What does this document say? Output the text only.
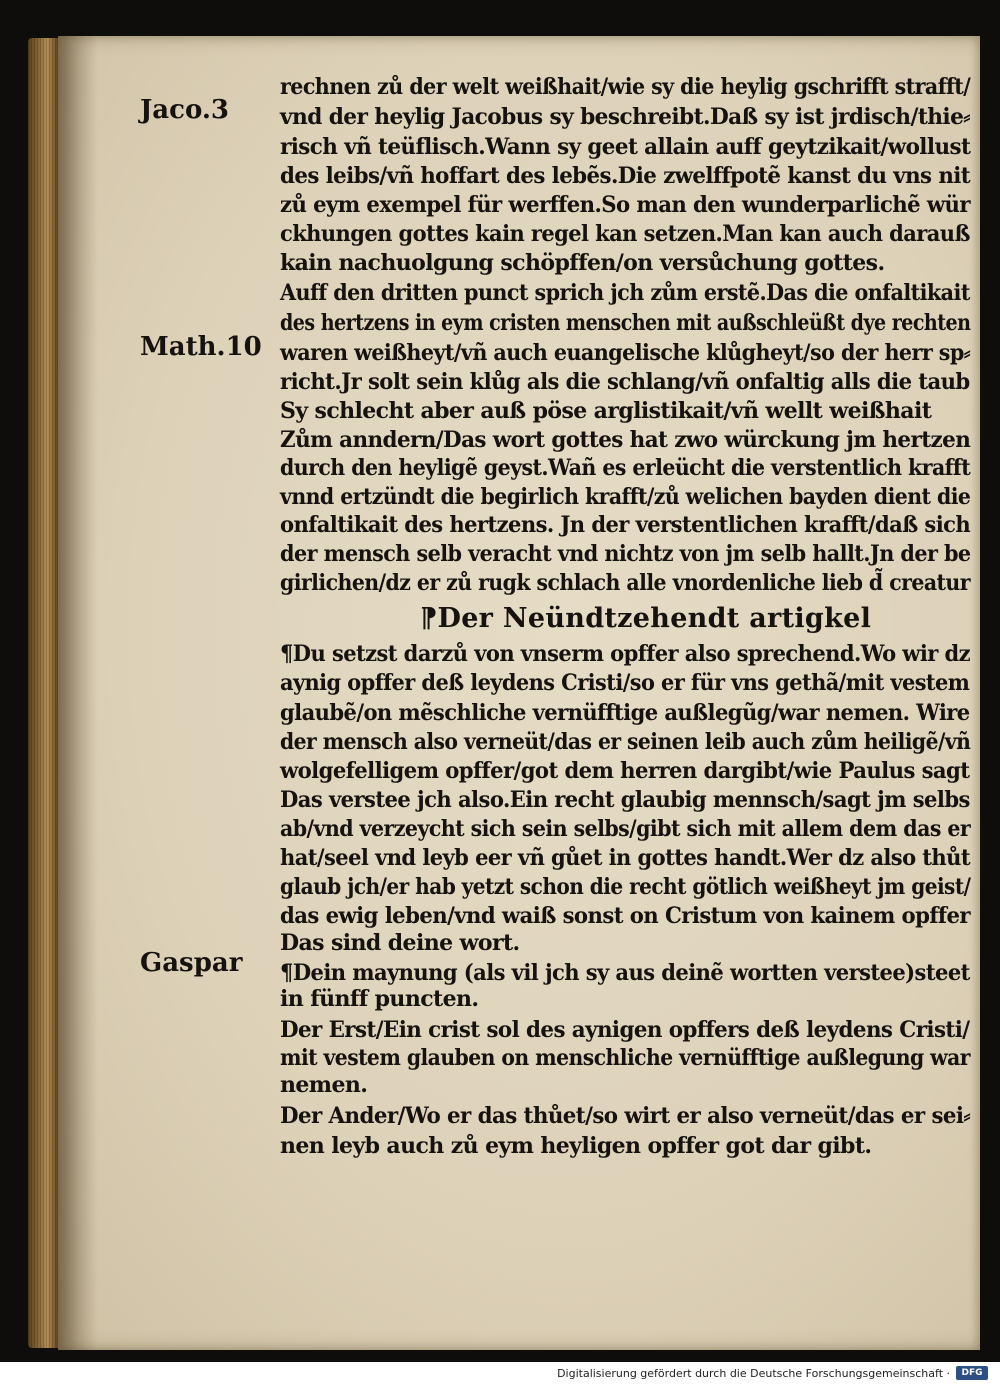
Jaco.3
Math.10
Gaspar
rechnen zů der welt weißhait/wie sy die heylig gschrifft strafft/
vnd der heylig Jacobus sy beschreibt.Daß sy ist jrdisch/thie⸗
risch vñ teüflisch.Wann sy geet allain auff geytzikait/wollust
des leibs/vñ hoffart des lebẽs.Die zwelffpotẽ kanst du vns nit
zů eym exempel für werffen.So man den wunderparlichẽ wür
ckhungen gottes kain regel kan setzen.Man kan auch darauß
kain nachuolgung schöpffen/on versůchung gottes.
Auff den dritten punct sprich jch zům erstẽ.Das die onfaltikait
des hertzens in eym cristen menschen mit außschleüßt dye rechten
waren weißheyt/vñ auch euangelische klůgheyt/so der herr sp⸗
richt.Jr solt sein klůg als die schlang/vñ onfaltig alls die taub
Sy schlecht aber auß pöse arglistikait/vñ wellt weißhait
Zům anndern/Das wort gottes hat zwo würckung jm hertzen
durch den heyligẽ geyst.Wañ es erleücht die verstentlich krafft
vnnd ertzündt die begirlich krafft/zů welichen bayden dient die
onfaltikait des hertzens. Jn der verstentlichen krafft/daß sich
der mensch selb veracht vnd nichtz von jm selb hallt.Jn der be
girlichen/dz er zů rugk schlach alle vnordenliche lieb d̃ creatur
⁋Der Neündtzehendt artigkel
¶Du setzst darzů von vnserm opffer also sprechend.Wo wir dz
aynig opffer deß leydens Cristi/so er für vns gethã/mit vestem
glaubẽ/on mẽschliche vernüfftige außlegũg/war nemen. Wire
der mensch also verneüt/das er seinen leib auch zům heiligẽ/vñ
wolgefelligem opffer/got dem herren dargibt/wie Paulus sagt
Das verstee jch also.Ein recht glaubig mennsch/sagt jm selbs
ab/vnd verzeycht sich sein selbs/gibt sich mit allem dem das er
hat/seel vnd leyb eer vñ gůet in gottes handt.Wer dz also thůt
glaub jch/er hab yetzt schon die recht götlich weißheyt jm geist/
das ewig leben/vnd waiß sonst on Cristum von kainem opffer
Das sind deine wort.
¶Dein maynung (als vil jch sy aus deinẽ wortten verstee)steet
in fünff puncten.
Der Erst/Ein crist sol des aynigen opffers deß leydens Cristi/
mit vestem glauben on menschliche vernüfftige außlegung war
nemen.
Der Ander/Wo er das thůet/so wirt er also verneüt/das er sei⸗
nen leyb auch zů eym heyligen opffer got dar gibt.
Digitalisierung gefördert durch die Deutsche Forschungsgemeinschaft ·	DFG
